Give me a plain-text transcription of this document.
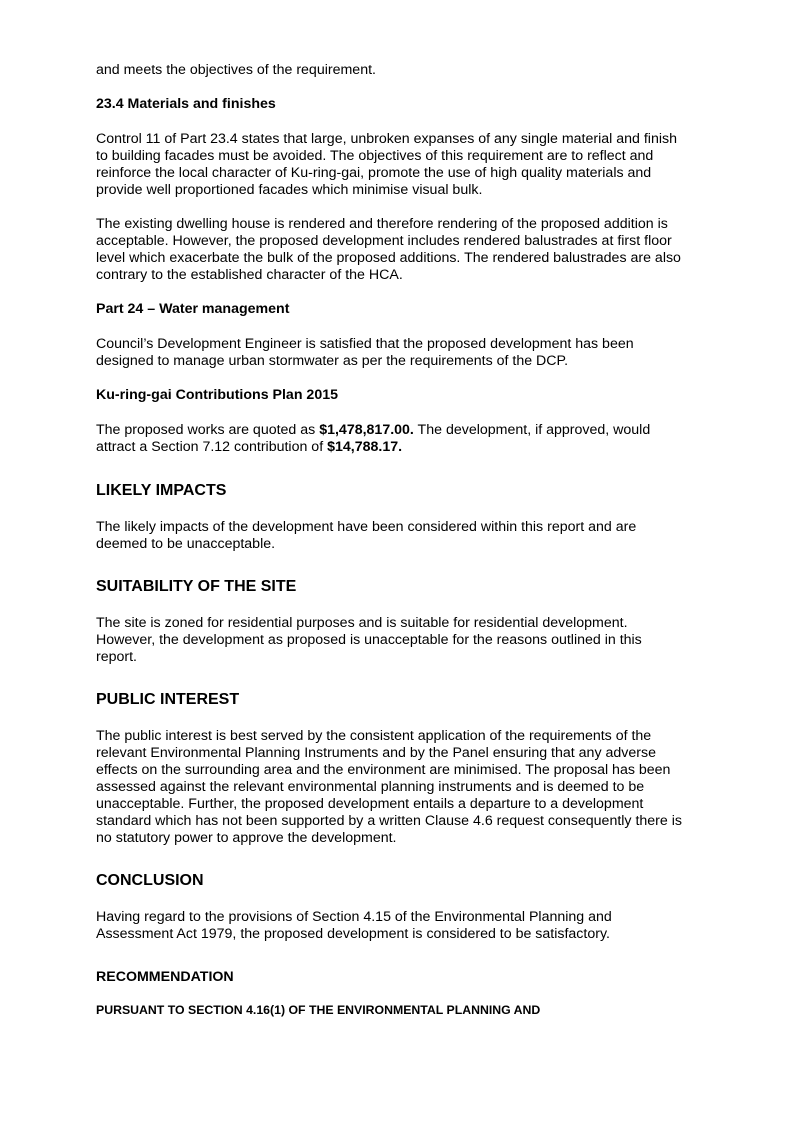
and meets the objectives of the requirement.

23.4 Materials and finishes

Control 11 of Part 23.4 states that large, unbroken expanses of any single material and finish to building facades must be avoided. The objectives of this requirement are to reflect and reinforce the local character of Ku-ring-gai, promote the use of high quality materials and provide well proportioned facades which minimise visual bulk.

The existing dwelling house is rendered and therefore rendering of the proposed addition is acceptable. However, the proposed development includes rendered balustrades at first floor level which exacerbate the bulk of the proposed additions. The rendered balustrades are also contrary to the established character of the HCA.

Part 24 – Water management

Council’s Development Engineer is satisfied that the proposed development has been designed to manage urban stormwater as per the requirements of the DCP.

Ku-ring-gai Contributions Plan 2015

The proposed works are quoted as $1,478,817.00. The development, if approved, would attract a Section 7.12 contribution of $14,788.17.

LIKELY IMPACTS

The likely impacts of the development have been considered within this report and are deemed to be unacceptable.

SUITABILITY OF THE SITE

The site is zoned for residential purposes and is suitable for residential development. However, the development as proposed is unacceptable for the reasons outlined in this report.

PUBLIC INTEREST

The public interest is best served by the consistent application of the requirements of the relevant Environmental Planning Instruments and by the Panel ensuring that any adverse effects on the surrounding area and the environment are minimised. The proposal has been assessed against the relevant environmental planning instruments and is deemed to be unacceptable. Further, the proposed development entails a departure to a development standard which has not been supported by a written Clause 4.6 request consequently there is no statutory power to approve the development.

CONCLUSION

Having regard to the provisions of Section 4.15 of the Environmental Planning and Assessment Act 1979, the proposed development is considered to be satisfactory.

RECOMMENDATION
PURSUANT TO SECTION 4.16(1) OF THE ENVIRONMENTAL PLANNING AND
